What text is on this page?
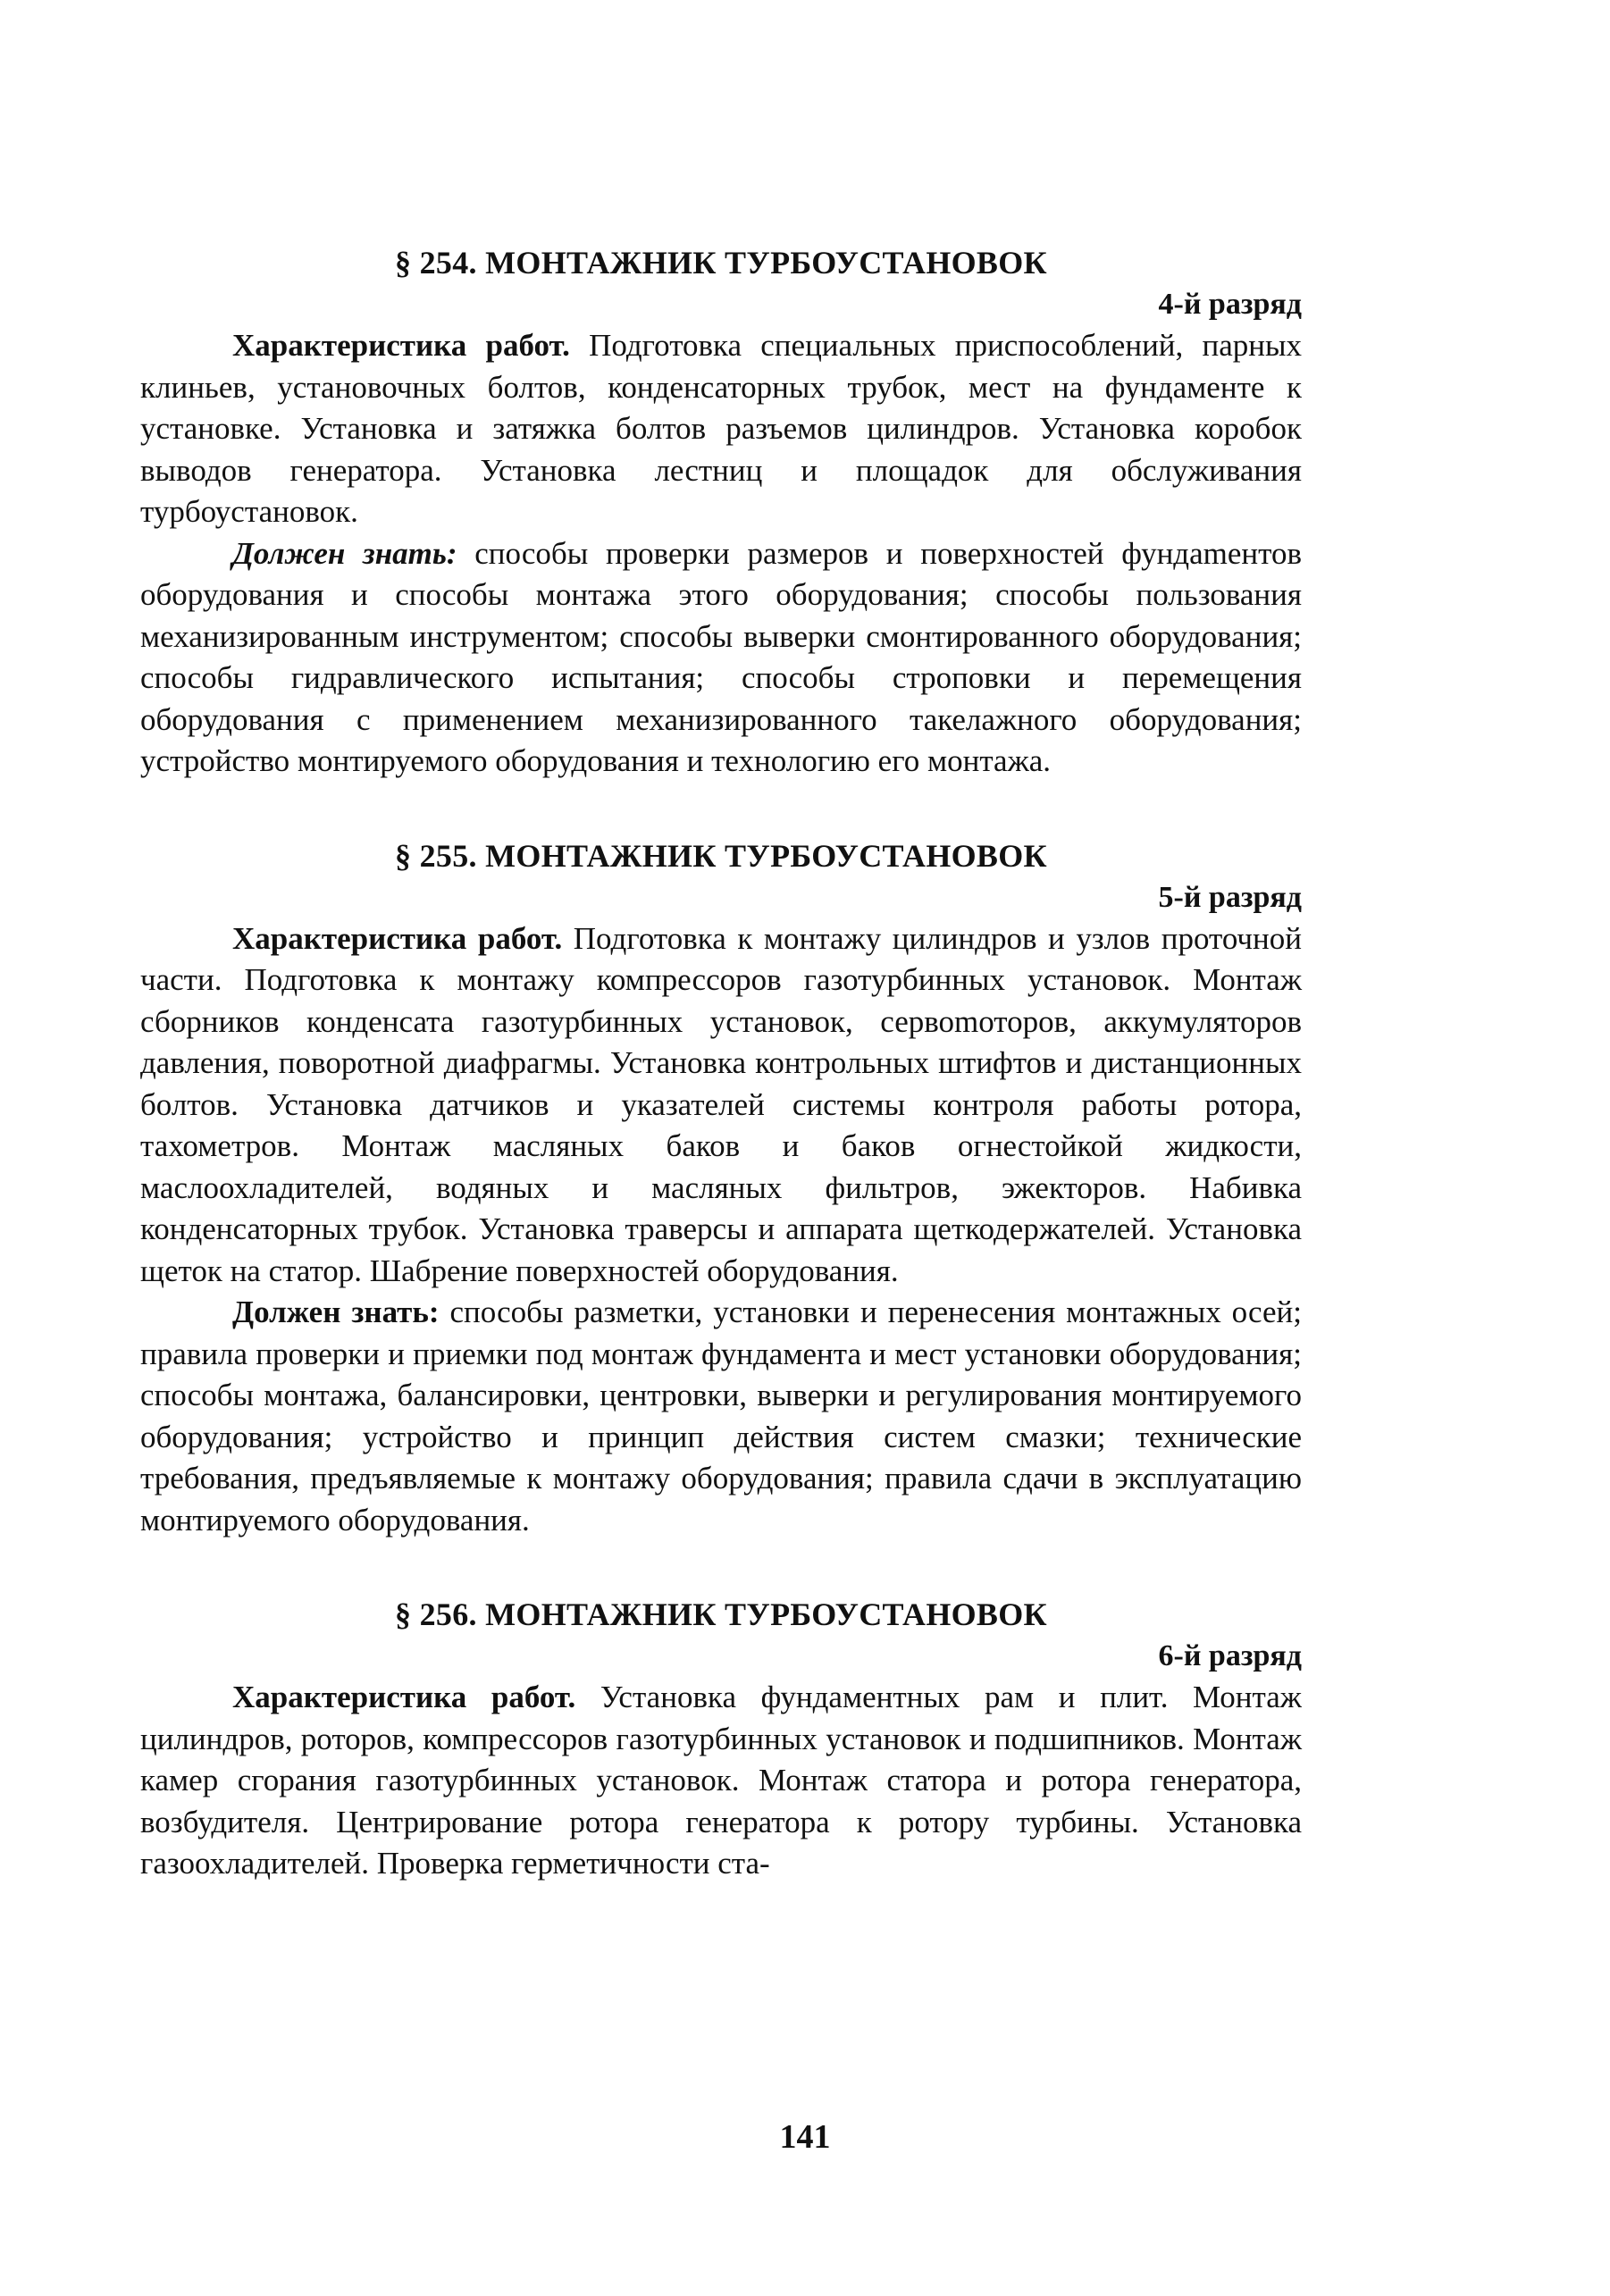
§ 254. МОНТАЖНИК ТУРБОУСТАНОВОК

4-й разряд

Характеристика работ. Подготовка специальных приспособлений, парных клиньев, установочных болтов, конденсаторных трубок, мест на фундаменте к установке. Установка и затяжка болтов разъемов цилиндров. Установка коробок выводов генератора. Установка лестниц и площадок для обслуживания турбоустановок.

Должен знать: способы проверки размеров и поверхностей фундаmентов оборудования и способы монтажа этого оборудования; способы пользования механизированным инструментом; способы выверки смонтированного оборудования; способы гидравлического испытания; способы строповки и перемещения оборудования с применением механизированного такелажного оборудования; устройство монтируемого оборудования и технологию его монтажа.

§ 255. МОНТАЖНИК ТУРБОУСТАНОВОК

5-й разряд

Характеристика работ. Подготовка к монтажу цилиндров и узлов проточной части. Подготовка к монтажу компрессоров газотурбинных установок. Монтаж сборников конденсата газотурбинных установок, сервоmоторов, аккумуляторов давления, поворотной диафрагмы. Установка контрольных штифтов и дистанционных болтов. Установка датчиков и указателей системы контроля работы ротора, тахометров. Монтаж масляных баков и баков огнестойкой жидкости, маслоохладителей, водяных и масляных фильтров, эжекторов. Набивка конденсаторных трубок. Установка траверсы и аппарата щеткодержателей. Установка щеток на статор. Шабрение поверхностей оборудования.

Должен знать: способы разметки, установки и перенесения монтажных осей; правила проверки и приемки под монтаж фундамента и мест установки оборудования; способы монтажа, балансировки, центровки, выверки и регулирования монтируемого оборудования; устройство и принцип действия систем смазки; технические требования, предъявляемые к монтажу оборудования; правила сдачи в эксплуатацию монтируемого оборудования.

§ 256. МОНТАЖНИК ТУРБОУСТАНОВОК

6-й разряд

Характеристика работ. Установка фундаментных рам и плит. Монтаж цилиндров, роторов, компрессоров газотурбинных установок и подшипников. Монтаж камер сгорания газотурбинных установок. Монтаж статора и ротора генератора, возбудителя. Центрирование ротора генератора к ротору турбины. Установка газоохладителей. Проверка герметичности ста-

141
